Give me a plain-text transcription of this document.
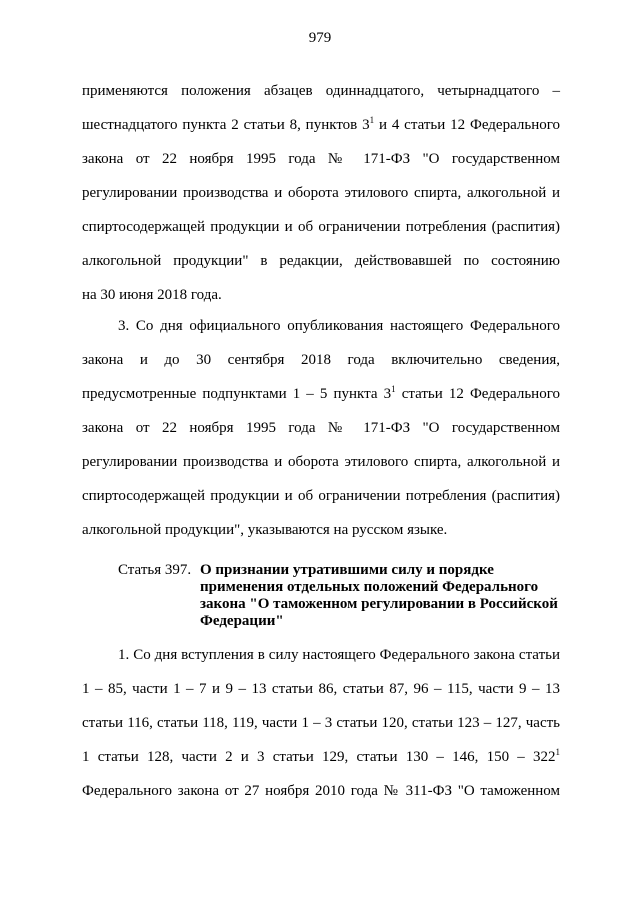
979
применяются положения абзацев одиннадцатого, четырнадцатого –
шестнадцатого пункта 2 статьи 8, пунктов $3^1$ и 4 статьи 12 Федерального
закона от 22 ноября 1995 года № 171-ФЗ "О государственном
регулировании производства и оборота этилового спирта, алкогольной и
спиртосодержащей продукции и об ограничении потребления (распития)
алкогольной продукции" в редакции, действовавшей по состоянию
на 30 июня 2018 года.
3. Со дня официального опубликования настоящего Федерального
закона и до 30 сентября 2018 года включительно сведения,
предусмотренные подпунктами 1 – 5 пункта $3^1$ статьи 12 Федерального
закона от 22 ноября 1995 года № 171-ФЗ "О государственном
регулировании производства и оборота этилового спирта, алкогольной и
спиртосодержащей продукции и об ограничении потребления (распития)
алкогольной продукции", указываются на русском языке.
Статья 397. О признании утратившими силу и порядке
применения отдельных положений Федерального
закона "О таможенном регулировании в Российской
Федерации"
1. Со дня вступления в силу настоящего Федерального закона статьи
1 – 85, части 1 – 7 и 9 – 13 статьи 86, статьи 87, 96 – 115, части 9 – 13
статьи 116, статьи 118, 119, части 1 – 3 статьи 120, статьи 123 – 127, часть
1 статьи 128, части 2 и 3 статьи 129, статьи 130 – 146, $150 - 322^1$
Федерального закона от 27 ноября 2010 года № 311-ФЗ "О таможенном
